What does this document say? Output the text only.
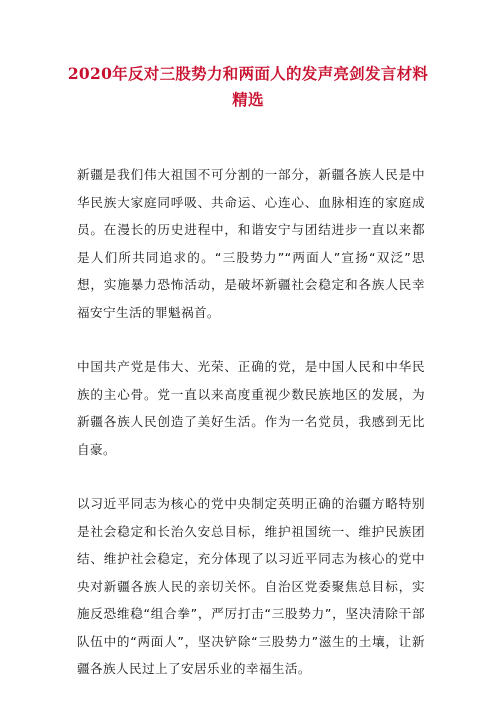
2020年反对三股势力和两面人的发声亮剑发言材料精选

新疆是我们伟大祖国不可分割的一部分，新疆各族人民是中华民族大家庭同呼吸、共命运、心连心、血脉相连的家庭成员。在漫长的历史进程中，和谐安宁与团结进步一直以来都是人们所共同追求的。“三股势力”“两面人”宣扬“双泛”思想，实施暴力恐怖活动，是破坏新疆社会稳定和各族人民幸福安宁生活的罪魁祸首。

中国共产党是伟大、光荣、正确的党，是中国人民和中华民族的主心骨。党一直以来高度重视少数民族地区的发展，为新疆各族人民创造了美好生活。作为一名党员，我感到无比自豪。

以习近平同志为核心的党中央制定英明正确的治疆方略特别是社会稳定和长治久安总目标，维护祖国统一、维护民族团结、维护社会稳定，充分体现了以习近平同志为核心的党中央对新疆各族人民的亲切关怀。自治区党委聚焦总目标，实施反恐维稳“组合拳”，严厉打击“三股势力”，坚决清除干部队伍中的“两面人”，坚决铲除“三股势力”滋生的土壤，让新疆各族人民过上了安居乐业的幸福生活。
